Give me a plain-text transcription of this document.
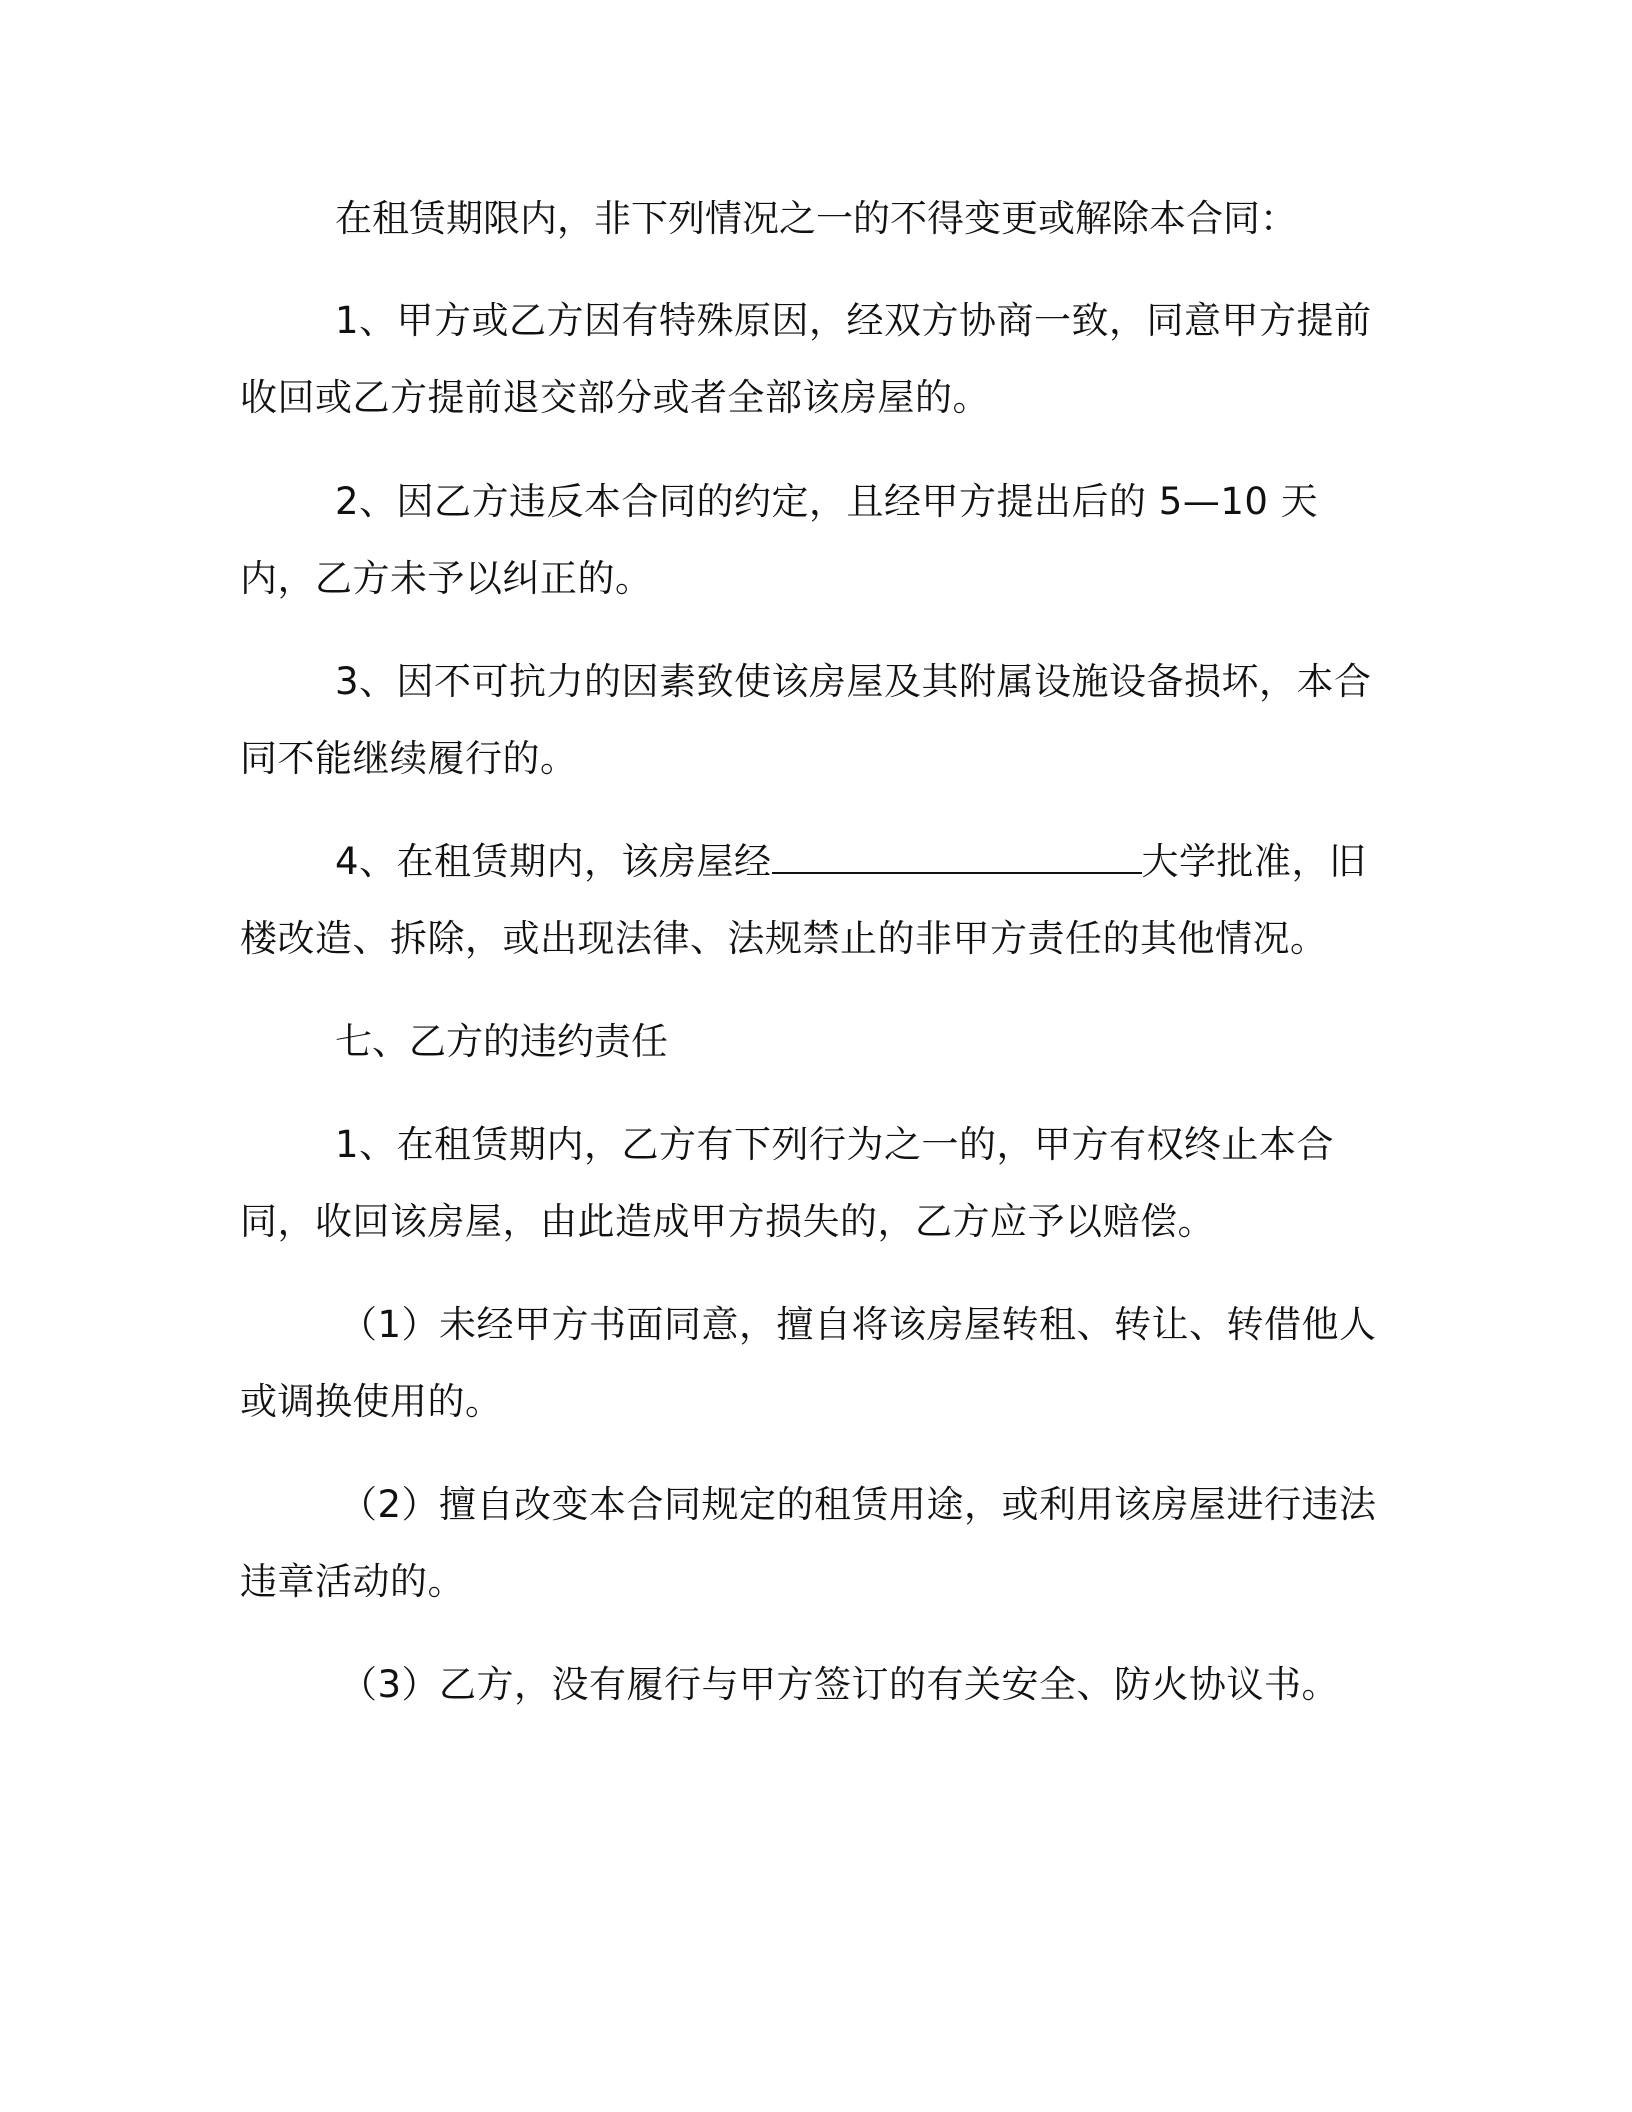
在租赁期限内，非下列情况之一的不得变更或解除本合同：

1、甲方或乙方因有特殊原因，经双方协商一致，同意甲方提前收回或乙方提前退交部分或者全部该房屋的。

2、因乙方违反本合同的约定，且经甲方提出后的 5—10 天内，乙方未予以纠正的。

3、因不可抗力的因素致使该房屋及其附属设施设备损坏，本合同不能继续履行的。

4、在租赁期内，该房屋经	大学批准，旧楼改造、拆除，或出现法律、法规禁止的非甲方责任的其他情况。

七、乙方的违约责任

1、在租赁期内，乙方有下列行为之一的，甲方有权终止本合同，收回该房屋，由此造成甲方损失的，乙方应予以赔偿。

（1）未经甲方书面同意，擅自将该房屋转租、转让、转借他人或调换使用的。

（2）擅自改变本合同规定的租赁用途，或利用该房屋进行违法违章活动的。

（3）乙方，没有履行与甲方签订的有关安全、防火协议书。
